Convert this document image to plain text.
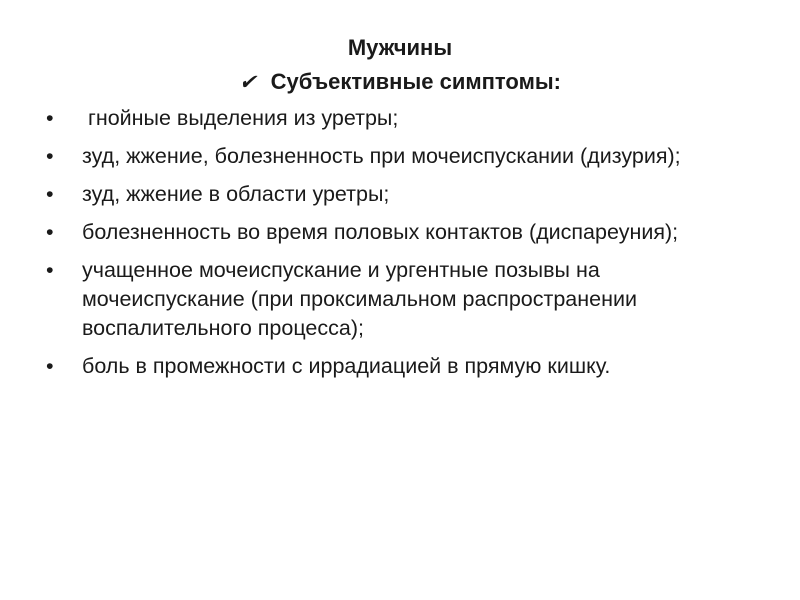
Мужчины
✔ Субъективные симптомы:
• гнойные выделения из уретры;
• зуд, жжение, болезненность при мочеиспускании (дизурия);
• зуд, жжение в области уретры;
• болезненность во время половых контактов (диспареуния);
• учащенное мочеиспускание и ургентные позывы на мочеиспускание (при проксимальном распространении воспалительного процесса);
• боль в промежности с иррадиацией в прямую кишку.
